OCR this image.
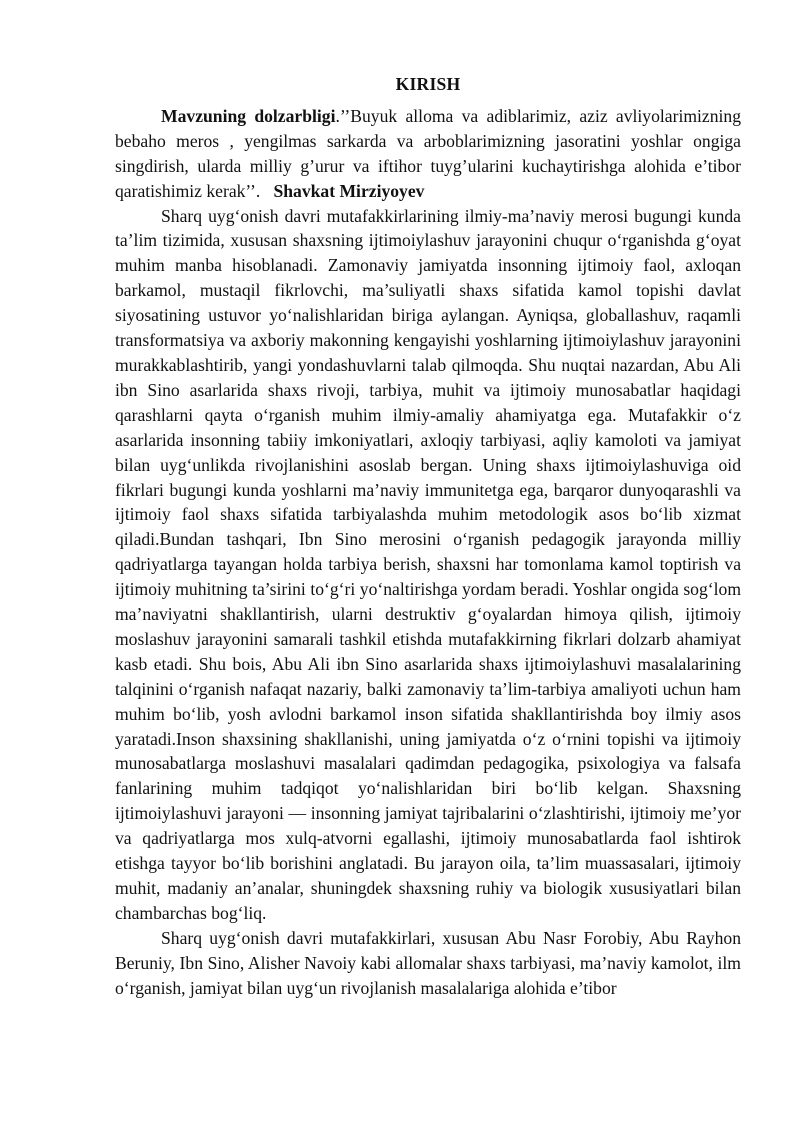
KIRISH

Mavzuning dolzarbligi.’’Buyuk alloma va adiblarimiz, aziz avliyolarimizning bebaho meros , yengilmas sarkarda va arboblarimizning jasoratini yoshlar ongiga singdirish, ularda milliy g’urur va iftihor tuyg’ularini kuchaytirishga alohida e’tibor qaratishimiz kerak’’. Shavkat Mirziyoyev

Sharq uyg‘onish davri mutafakkirlarining ilmiy-ma’naviy merosi bugungi kunda ta’lim tizimida, xususan shaxsning ijtimoiylashuv jarayonini chuqur o‘rganishda g‘oyat muhim manba hisoblanadi. Zamonaviy jamiyatda insonning ijtimoiy faol, axloqan barkamol, mustaqil fikrlovchi, ma’suliyatli shaxs sifatida kamol topishi davlat siyosatining ustuvor yo‘nalishlaridan biriga aylangan. Ayniqsa, globallashuv, raqamli transformatsiya va axboriy makonning kengayishi yoshlarning ijtimoiylashuv jarayonini murakkablashtirib, yangi yondashuvlarni talab qilmoqda. Shu nuqtai nazardan, Abu Ali ibn Sino asarlarida shaxs rivoji, tarbiya, muhit va ijtimoiy munosabatlar haqidagi qarashlarni qayta o‘rganish muhim ilmiy-amaliy ahamiyatga ega. Mutafakkir o‘z asarlarida insonning tabiiy imkoniyatlari, axloqiy tarbiyasi, aqliy kamoloti va jamiyat bilan uyg‘unlikda rivojlanishini asoslab bergan. Uning shaxs ijtimoiylashuviga oid fikrlari bugungi kunda yoshlarni ma’naviy immunitetga ega, barqaror dunyoqarashli va ijtimoiy faol shaxs sifatida tarbiyalashda muhim metodologik asos bo‘lib xizmat qiladi.Bundan tashqari, Ibn Sino merosini o‘rganish pedagogik jarayonda milliy qadriyatlarga tayangan holda tarbiya berish, shaxsni har tomonlama kamol toptirish va ijtimoiy muhitning ta’sirini to‘g‘ri yo‘naltirishga yordam beradi. Yoshlar ongida sog‘lom ma’naviyatni shakllantirish, ularni destruktiv g‘oyalardan himoya qilish, ijtimoiy moslashuv jarayonini samarali tashkil etishda mutafakkirning fikrlari dolzarb ahamiyat kasb etadi. Shu bois, Abu Ali ibn Sino asarlarida shaxs ijtimoiylashuvi masalalarining talqinini o‘rganish nafaqat nazariy, balki zamonaviy ta’lim-tarbiya amaliyoti uchun ham muhim bo‘lib, yosh avlodni barkamol inson sifatida shakllantirishda boy ilmiy asos yaratadi.Inson shaxsining shakllanishi, uning jamiyatda o‘z o‘rnini topishi va ijtimoiy munosabatlarga moslashuvi masalalari qadimdan pedagogika, psixologiya va falsafa fanlarining muhim tadqiqot yo‘nalishlaridan biri bo‘lib kelgan. Shaxsning ijtimoiylashuvi jarayoni — insonning jamiyat tajribalarini o‘zlashtirishi, ijtimoiy me’yor va qadriyatlarga mos xulq-atvorni egallashi, ijtimoiy munosabatlarda faol ishtirok etishga tayyor bo‘lib borishini anglatadi. Bu jarayon oila, ta’lim muassasalari, ijtimoiy muhit, madaniy an’analar, shuningdek shaxsning ruhiy va biologik xususiyatlari bilan chambarchas bog‘liq.

Sharq uyg‘onish davri mutafakkirlari, xususan Abu Nasr Forobiy, Abu Rayhon Beruniy, Ibn Sino, Alisher Navoiy kabi allomalar shaxs tarbiyasi, ma’naviy kamolot, ilm o‘rganish, jamiyat bilan uyg‘un rivojlanish masalalariga alohida e’tibor
